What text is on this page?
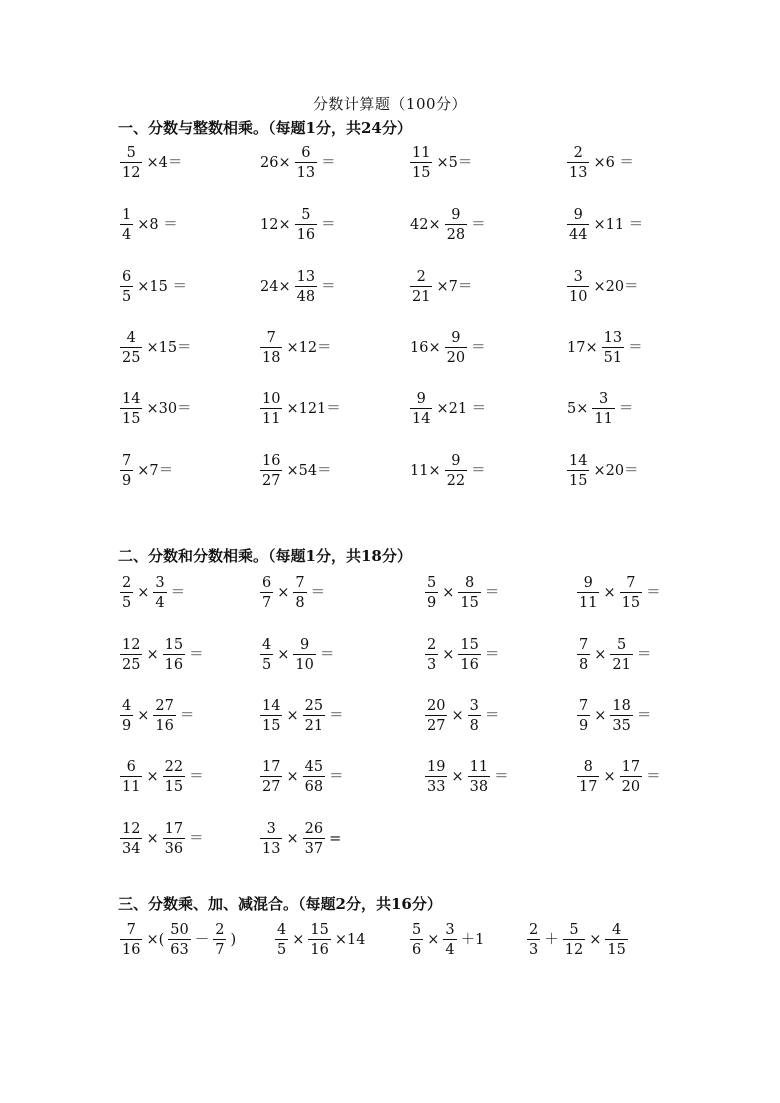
分数计算题（100分）
一、分数与整数相乘。（每题1分，共24分）
二、分数和分数相乘。（每题1分，共18分）
三、分数乘、加、减混合。（每题2分，共16分）
$\frac{5}{12} \times 4=$	$26\times \frac{6}{13}$ ＝	$\frac{11}{15} \times 5=$	$\frac{2}{13} \times 6$ ＝
$\frac{1}{4} \times 8$ ＝	$12\times \frac{5}{16}$ ＝	$42\times \frac{9}{28}$ ＝	$\frac{9}{44} \times 11$ ＝
$\frac{6}{5} \times 15$ ＝	$24\times \frac{13}{48}$ ＝	$\frac{2}{21} \times 7=$	$\frac{3}{10} \times 20=$
$\frac{4}{25} \times 15=$	$\frac{7}{18} \times 12=$	$16\times \frac{9}{20}$ ＝	$17\times \frac{13}{51}$ ＝
$\frac{14}{15} \times 30=$	$\frac{10}{11} \times 121=$	$\frac{9}{14} \times 21$ ＝	$5\times \frac{3}{11}$ ＝
$\frac{7}{9} \times 7=$	$\frac{16}{27} \times 54=$	$11\times \frac{9}{22}$ ＝	$\frac{14}{15} \times 20=$
$\frac{2}{5} \times \frac{3}{4}$ ＝	$\frac{6}{7} \times \frac{7}{8}$ ＝	$\frac{5}{9} \times \frac{8}{15}$ ＝	$\frac{9}{11} \times \frac{7}{15}$ ＝
$\frac{12}{25} \times \frac{15}{16}$ ＝	$\frac{4}{5} \times \frac{9}{10}$ ＝	$\frac{2}{3} \times \frac{15}{16}$ ＝	$\frac{7}{8} \times \frac{5}{21}$ ＝
$\frac{4}{9} \times \frac{27}{16}$ ＝	$\frac{14}{15} \times \frac{25}{21}$ ＝	$\frac{20}{27} \times \frac{3}{8}$ ＝	$\frac{7}{9} \times \frac{18}{35}$ ＝
$\frac{6}{11} \times \frac{22}{15}$ ＝	$\frac{17}{27} \times \frac{45}{68}$ ＝	$\frac{19}{33} \times \frac{11}{38}$ ＝	$\frac{8}{17} \times \frac{17}{20}$ ＝
$\frac{12}{34} \times \frac{17}{36}$ ＝	$\frac{3}{13} \times \frac{26}{37}$ =
$\frac{7}{16}$ ×( $\frac{50}{63} - \frac{2}{7}$ )	$\frac{4}{5} \times \frac{15}{16} \times 14$	$\frac{5}{6} \times \frac{3}{4} +1$	$\frac{2}{3} + \frac{5}{12} \times \frac{4}{15}$
